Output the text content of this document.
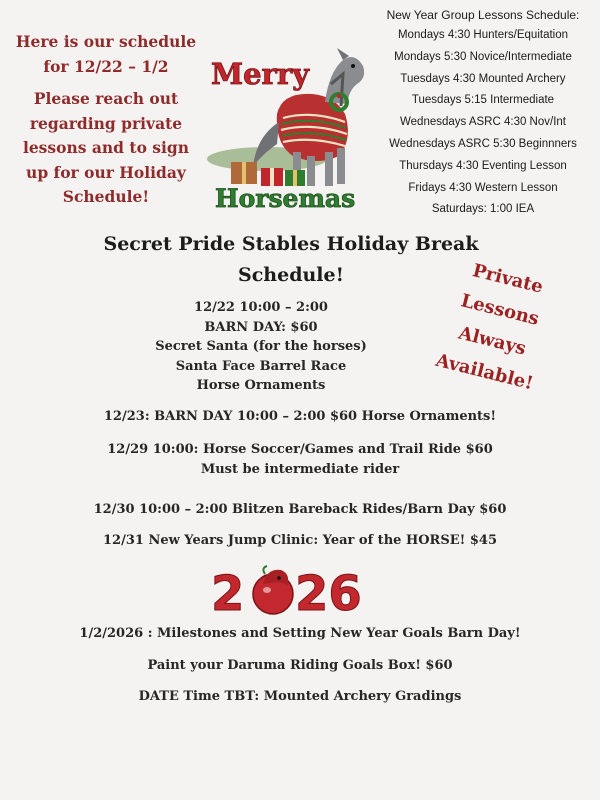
Here is our schedule
for 12/22 – 1/2

Please reach out
regarding private
lessons and to sign
up for our Holiday
Schedule!

Merry
Horsemas
New Year Group Lessons Schedule:
Mondays 4:30 Hunters/Equitation
Mondays 5:30 Novice/Intermediate
Tuesdays 4:30 Mounted Archery
Tuesdays 5:15 Intermediate
Wednesdays ASRC 4:30 Nov/Int
Wednesdays ASRC 5:30 Beginnners
Thursdays 4:30 Eventing Lesson
Fridays 4:30 Western Lesson
Saturdays: 1:00 IEA
Secret Pride Stables Holiday Break
Schedule!	Private
Lessons
Always
Available!
12/22 10:00 – 2:00
BARN DAY: $60
Secret Santa (for the horses)
Santa Face Barrel Race
Horse Ornaments
12/23: BARN DAY 10:00 – 2:00 $60 Horse Ornaments!
12/29 10:00: Horse Soccer/Games and Trail Ride $60
Must be intermediate rider
12/30 10:00 – 2:00 Blitzen Bareback Rides/Barn Day $60
12/31 New Years Jump Clinic: Year of the HORSE! $45
2 26
1/2/2026 : Milestones and Setting New Year Goals Barn Day!
Paint your Daruma Riding Goals Box! $60
DATE Time TBT: Mounted Archery Gradings
